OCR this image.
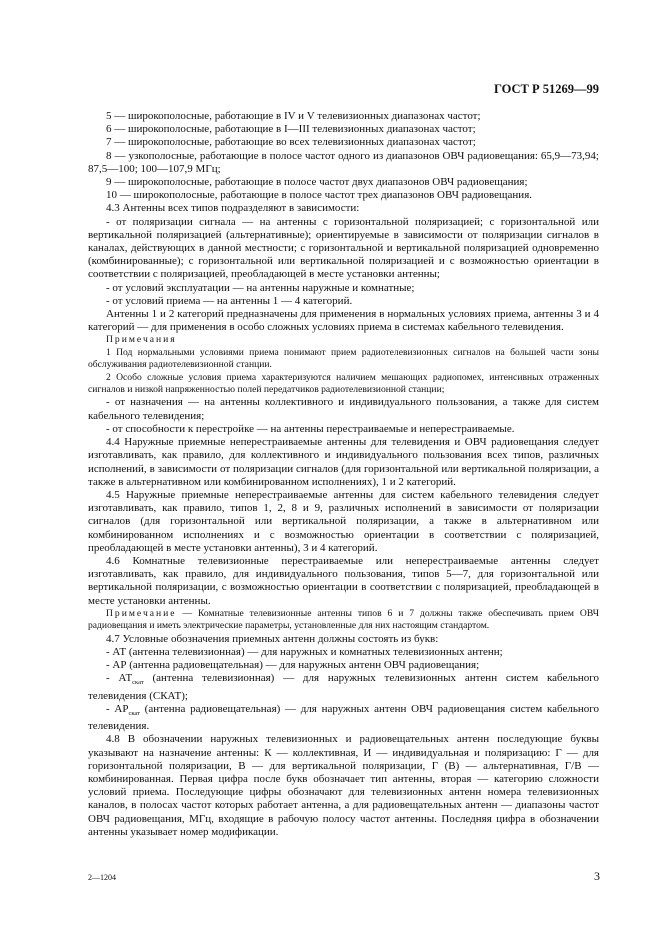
ГОСТ Р 51269—99

5 — широкополосные, работающие в IV и V телевизионных диапазонах частот;

6 — широкополосные, работающие в I—III телевизионных диапазонах частот;

7 — широкополосные, работающие во всех телевизионных диапазонах частот;

8 — узкополосные, работающие в полосе частот одного из диапазонов ОВЧ радиовещания: 65,9—73,94; 87,5—100; 100—107,9 МГц;

9 — широкополосные, работающие в полосе частот двух диапазонов ОВЧ радиовещания;

10 — широкополосные, работающие в полосе частот трех диапазонов ОВЧ радиовещания.

4.3 Антенны всех типов подразделяют в зависимости:

- от поляризации сигнала — на антенны с горизонтальной поляризацией; с горизонтальной или вертикальной поляризацией (альтернативные); ориентируемые в зависимости от поляризации сигналов в каналах, действующих в данной местности; с горизонтальной и вертикальной поляризацией одновременно (комбинированные); с горизонтальной или вертикальной поляризацией и с возможностью ориентации в соответствии с поляризацией, преобладающей в месте установки антенны;

- от условий эксплуатации — на антенны наружные и комнатные;

- от условий приема — на антенны 1 — 4 категорий.

Антенны 1 и 2 категорий предназначены для применения в нормальных условиях приема, антенны 3 и 4 категорий — для применения в особо сложных условиях приема в системах кабельного телевидения.

Примечания

1 Под нормальными условиями приема понимают прием радиотелевизионных сигналов на большей части зоны обслуживания радиотелевизионной станции.

2 Особо сложные условия приема характеризуются наличием мешающих радиопомех, интенсивных отраженных сигналов и низкой напряженностью полей передатчиков радиотелевизионной станции;

- от назначения — на антенны коллективного и индивидуального пользования, а также для систем кабельного телевидения;

- от способности к перестройке — на антенны перестраиваемые и неперестраиваемые.

4.4 Наружные приемные неперестраиваемые антенны для телевидения и ОВЧ радиовещания следует изготавливать, как правило, для коллективного и индивидуального пользования всех типов, различных исполнений, в зависимости от поляризации сигналов (для горизонтальной или вертикальной поляризации, а также в альтернативном или комбинированном исполнениях), 1 и 2 категорий.

4.5 Наружные приемные неперестраиваемые антенны для систем кабельного телевидения следует изготавливать, как правило, типов 1, 2, 8 и 9, различных исполнений в зависимости от поляризации сигналов (для горизонтальной или вертикальной поляризации, а также в альтернативном или комбинированном исполнениях и с возможностью ориентации в соответствии с поляризацией, преобладающей в месте установки антенны), 3 и 4 категорий.

4.6 Комнатные телевизионные перестраиваемые или неперестраиваемые антенны следует изготавливать, как правило, для индивидуального пользования, типов 5—7, для горизонтальной или вертикальной поляризации, с возможностью ориентации в соответствии с поляризацией, преобладающей в месте установки антенны.

Примечание — Комнатные телевизионные антенны типов 6 и 7 должны также обеспечивать прием ОВЧ радиовещания и иметь электрические параметры, установленные для них настоящим стандартом.

4.7 Условные обозначения приемных антенн должны состоять из букв:

- АТ (антенна телевизионная) — для наружных и комнатных телевизионных антенн;

- АР (антенна радиовещательная) — для наружных антенн ОВЧ радиовещания;

- $АТ_{скат}$ (антенна телевизионная) — для наружных телевизионных антенн систем кабельного телевидения (СКАТ);

- $АР_{скат}$ (антенна радиовещательная) — для наружных антенн ОВЧ радиовещания систем кабельного телевидения.

4.8 В обозначении наружных телевизионных и радиовещательных антенн последующие буквы указывают на назначение антенны: К — коллективная, И — индивидуальная и поляризацию: Г — для горизонтальной поляризации, В — для вертикальной поляризации, Г (В) — альтернативная, Г/В — комбинированная. Первая цифра после букв обозначает тип антенны, вторая — категорию сложности условий приема. Последующие цифры обозначают для телевизионных антенн номера телевизионных каналов, в полосах частот которых работает антенна, а для радиовещательных антенн — диапазоны частот ОВЧ радиовещания, МГц, входящие в рабочую полосу частот антенны. Последняя цифра в обозначении антенны указывает номер модификации.

2—1204	3
